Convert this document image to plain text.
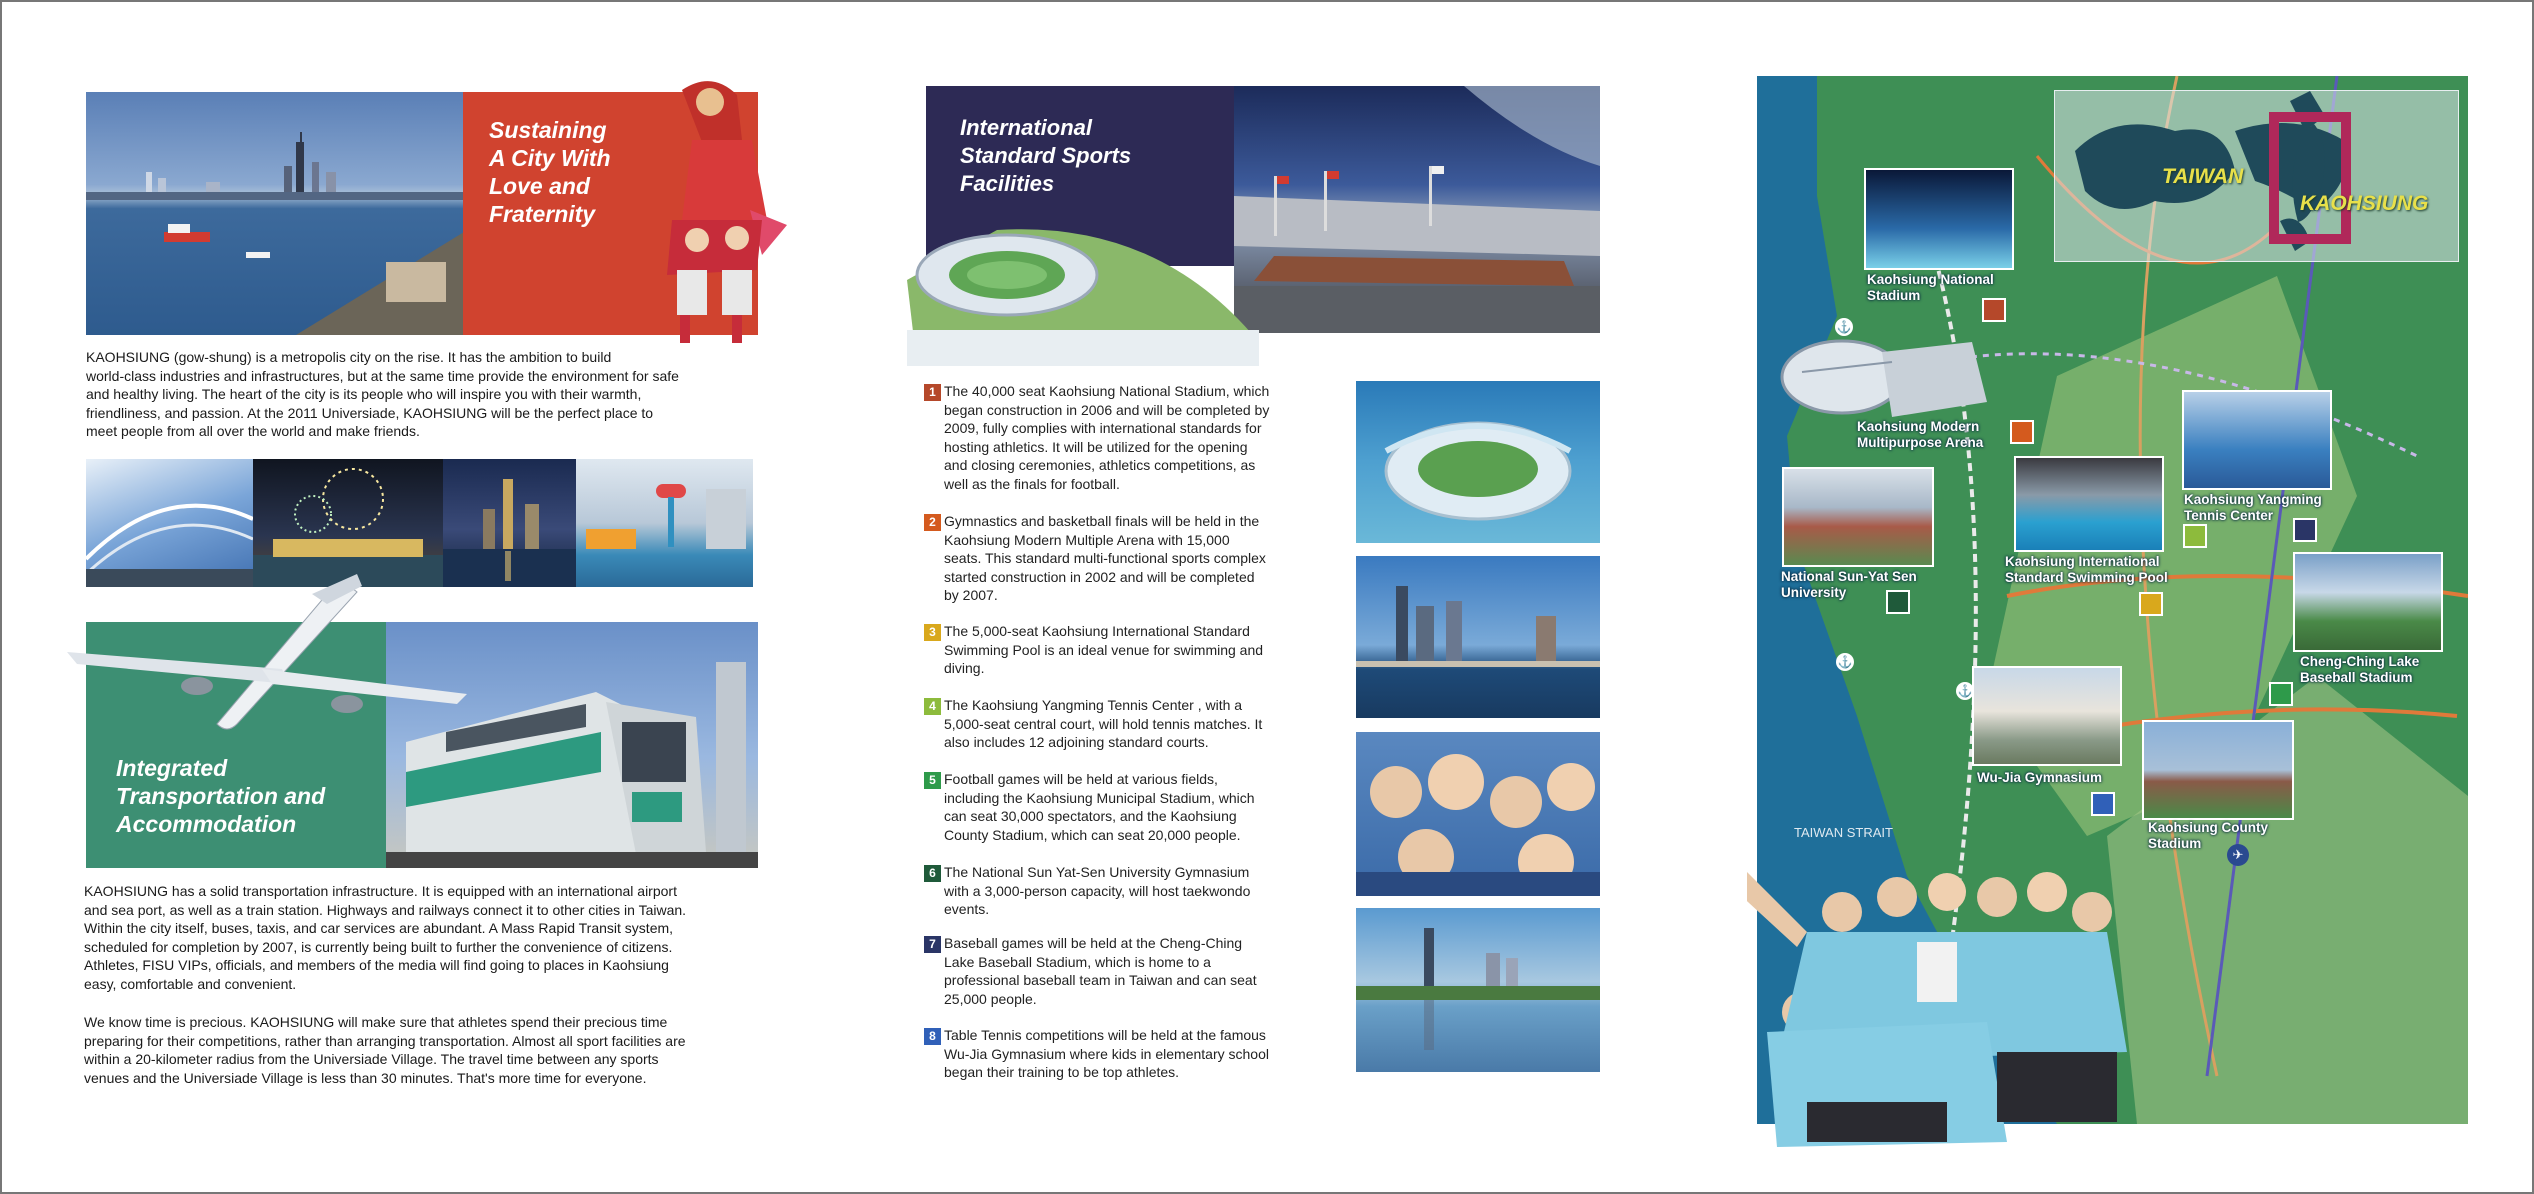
Sustaining
A City With
Love and
Fraternity
KAOHSIUNG (gow-shung) is a metropolis city on the rise. It has the ambition to build
world-class industries and infrastructures, but at the same time provide the environment for safe
and healthy living. The heart of the city is its people who will inspire you with their warmth,
friendliness, and passion. At the 2011 Universiade, KAOHSIUNG will be the perfect place to
meet people from all over the world and make friends.
Integrated
Transportation and
Accommodation
KAOHSIUNG has a solid transportation infrastructure. It is equipped with an international airport
and sea port, as well as a train station. Highways and railways connect it to other cities in Taiwan.
Within the city itself, buses, taxis, and car services are abundant. A Mass Rapid Transit system,
scheduled for completion by 2007, is currently being built to further the convenience of citizens.
Athletes, FISU VIPs, officials, and members of the media will find going to places in Kaohsiung
easy, comfortable and convenient.
We know time is precious. KAOHSIUNG will make sure that athletes spend their precious time
preparing for their competitions, rather than arranging transportation. Almost all sport facilities are
within a 20-kilometer radius from the Universiade Village. The travel time between any sports
venues and the Universiade Village is less than 30 minutes. That's more time for everyone.
International
Standard Sports
Facilities
1 The 40,000 seat Kaohsiung National Stadium, which
began construction in 2006 and will be completed by
2009, fully complies with international standards for
hosting athletics. It will be utilized for the opening
and closing ceremonies, athletics competitions, as
well as the finals for football.
2 Gymnastics and basketball finals will be held in the
Kaohsiung Modern Multiple Arena with 15,000
seats. This standard multi-functional sports complex
started construction in 2002 and will be completed
by 2007.
3 The 5,000-seat Kaohsiung International Standard
Swimming Pool is an ideal venue for swimming and
diving.
4 The Kaohsiung Yangming Tennis Center , with a
5,000-seat central court, will hold tennis matches. It
also includes 12 adjoining standard courts.
5 Football games will be held at various fields,
including the Kaohsiung Municipal Stadium, which
can seat 30,000 spectators, and the Kaohsiung
County Stadium, which can seat 20,000 people.
6 The National Sun Yat-Sen University Gymnasium
with a 3,000-person capacity, will host taekwondo
events.
7 Baseball games will be held at the Cheng-Ching
Lake Baseball Stadium, which is home to a
professional baseball team in Taiwan and can seat
25,000 people.
8 Table Tennis competitions will be held at the famous
Wu-Jia Gymnasium where kids in elementary school
began their training to be top athletes.
TAIWAN
KAOHSIUNG
Kaohsiung National
Stadium
Kaohsiung Modern
Multipurpose Arena
National Sun-Yat Sen
University
Kaohsiung International
Standard Swimming Pool
Kaohsiung Yangming
Tennis Center
Cheng-Ching Lake
Baseball Stadium
Wu-Jia Gymnasium
Kaohsiung County
Stadium
TAIWAN STRAIT
⚓
⚓
⚓
✈
